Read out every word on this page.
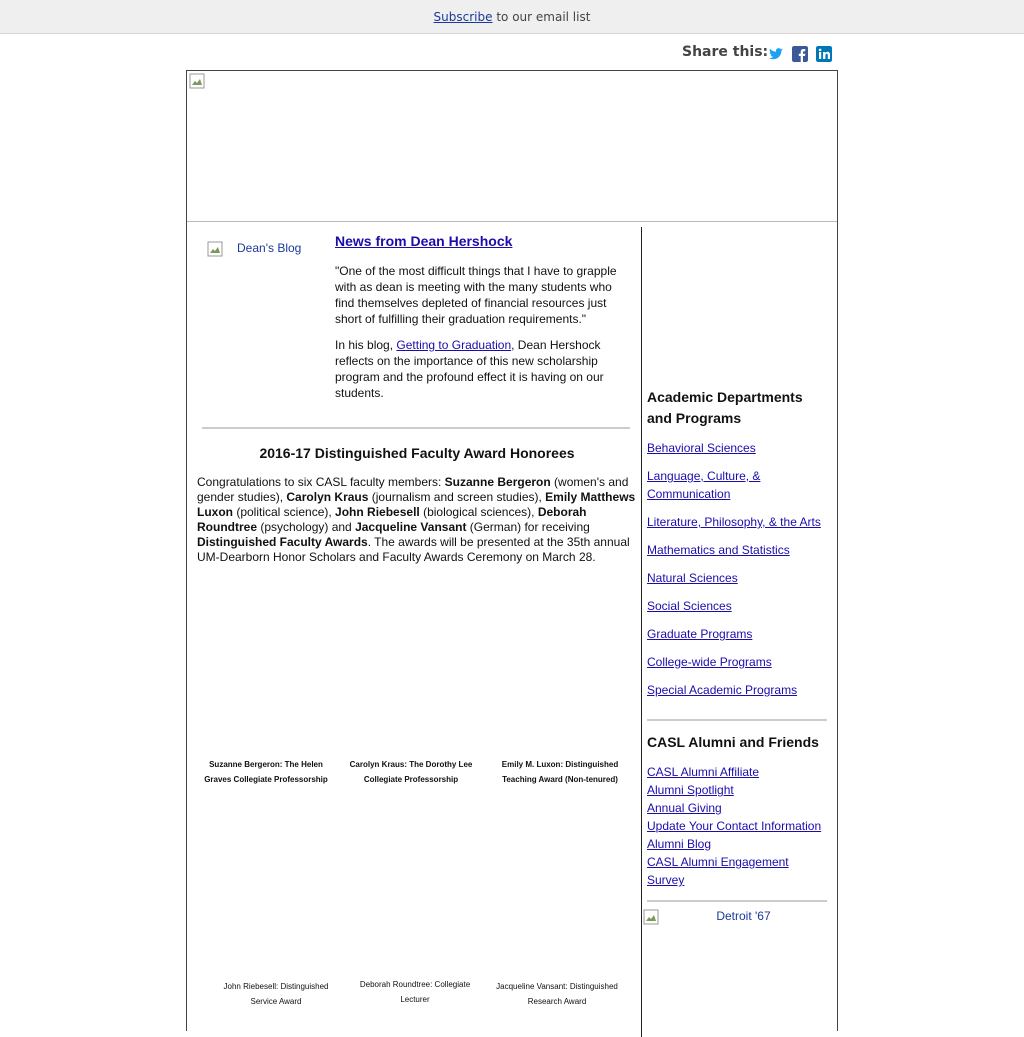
Subscribe to our email list
Share this:
Dean's Blog	News from Dean Hershock

"One of the most difficult things that I have to grapple with as dean is meeting with the many students who find themselves depleted of financial resources just short of fulfilling their graduation requirements."

In his blog, Getting to Graduation, Dean Hershock reflects on the importance of this new scholarship program and the profound effect it is having on our students.

2016-17 Distinguished Faculty Award Honorees

Congratulations to six CASL faculty members: Suzanne Bergeron (women's and gender studies), Carolyn Kraus (journalism and screen studies), Emily Matthews Luxon (political science), John Riebesell (biological sciences), Deborah Roundtree (psychology) and Jacqueline Vansant (German) for receiving Distinguished Faculty Awards. The awards will be presented at the 35th annual UM-Dearborn Honor Scholars and Faculty Awards Ceremony on March 28.

Suzanne Bergeron: The Helen Graves Collegiate Professorship
Carolyn Kraus: The Dorothy Lee Collegiate Professorship
Emily M. Luxon: Distinguished Teaching Award (Non-tenured)
John Riebesell: Distinguished Service Award
Deborah Roundtree: Collegiate Lecturer
Jacqueline Vansant: Distinguished Research Award
Academic Departments and Programs
Behavioral Sciences
Language, Culture, & Communication
Literature, Philosophy, & the Arts
Mathematics and Statistics
Natural Sciences
Social Sciences
Graduate Programs
College-wide Programs
Special Academic Programs
CASL Alumni and Friends
CASL Alumni Affiliate
Alumni Spotlight
Annual Giving
Update Your Contact Information
Alumni Blog
CASL Alumni Engagement Survey
Detroit '67
